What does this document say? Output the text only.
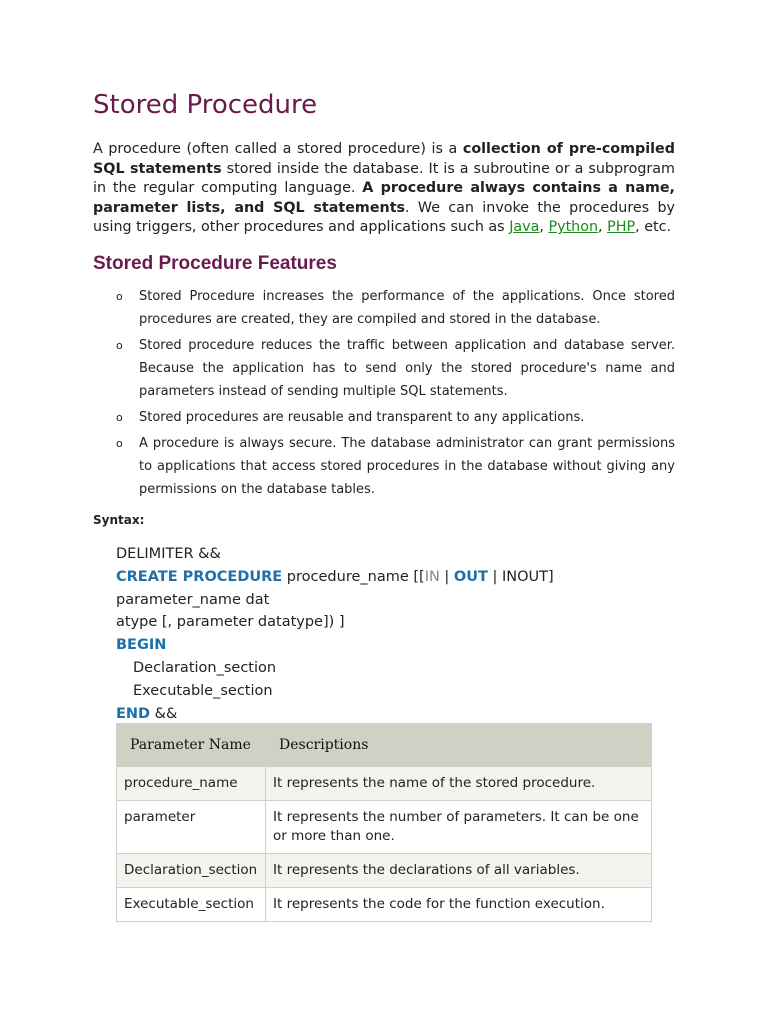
Stored Procedure

A procedure (often called a stored procedure) is a collection of pre-compiled SQL statements stored inside the database. It is a subroutine or a subprogram in the regular computing language. A procedure always contains a name, parameter lists, and SQL statements. We can invoke the procedures by using triggers, other procedures and applications such as Java, Python, PHP, etc.

Stored Procedure Features
o Stored Procedure increases the performance of the applications. Once stored procedures are created, they are compiled and stored in the database.
o Stored procedure reduces the traffic between application and database server. Because the application has to send only the stored procedure's name and parameters instead of sending multiple SQL statements.
o Stored procedures are reusable and transparent to any applications.
o A procedure is always secure. The database administrator can grant permissions to applications that access stored procedures in the database without giving any permissions on the database tables.

Syntax:

DELIMITER &&
CREATE PROCEDURE procedure_name [[IN | OUT | INOUT] parameter_name dat
atype [, parameter datatype]) ]
BEGIN
Declaration_section
Executable_section
END &&
Parameter Name	Descriptions
procedure_name	It represents the name of the stored procedure.
parameter	It represents the number of parameters. It can be one or more than one.
Declaration_section	It represents the declarations of all variables.
Executable_section	It represents the code for the function execution.
